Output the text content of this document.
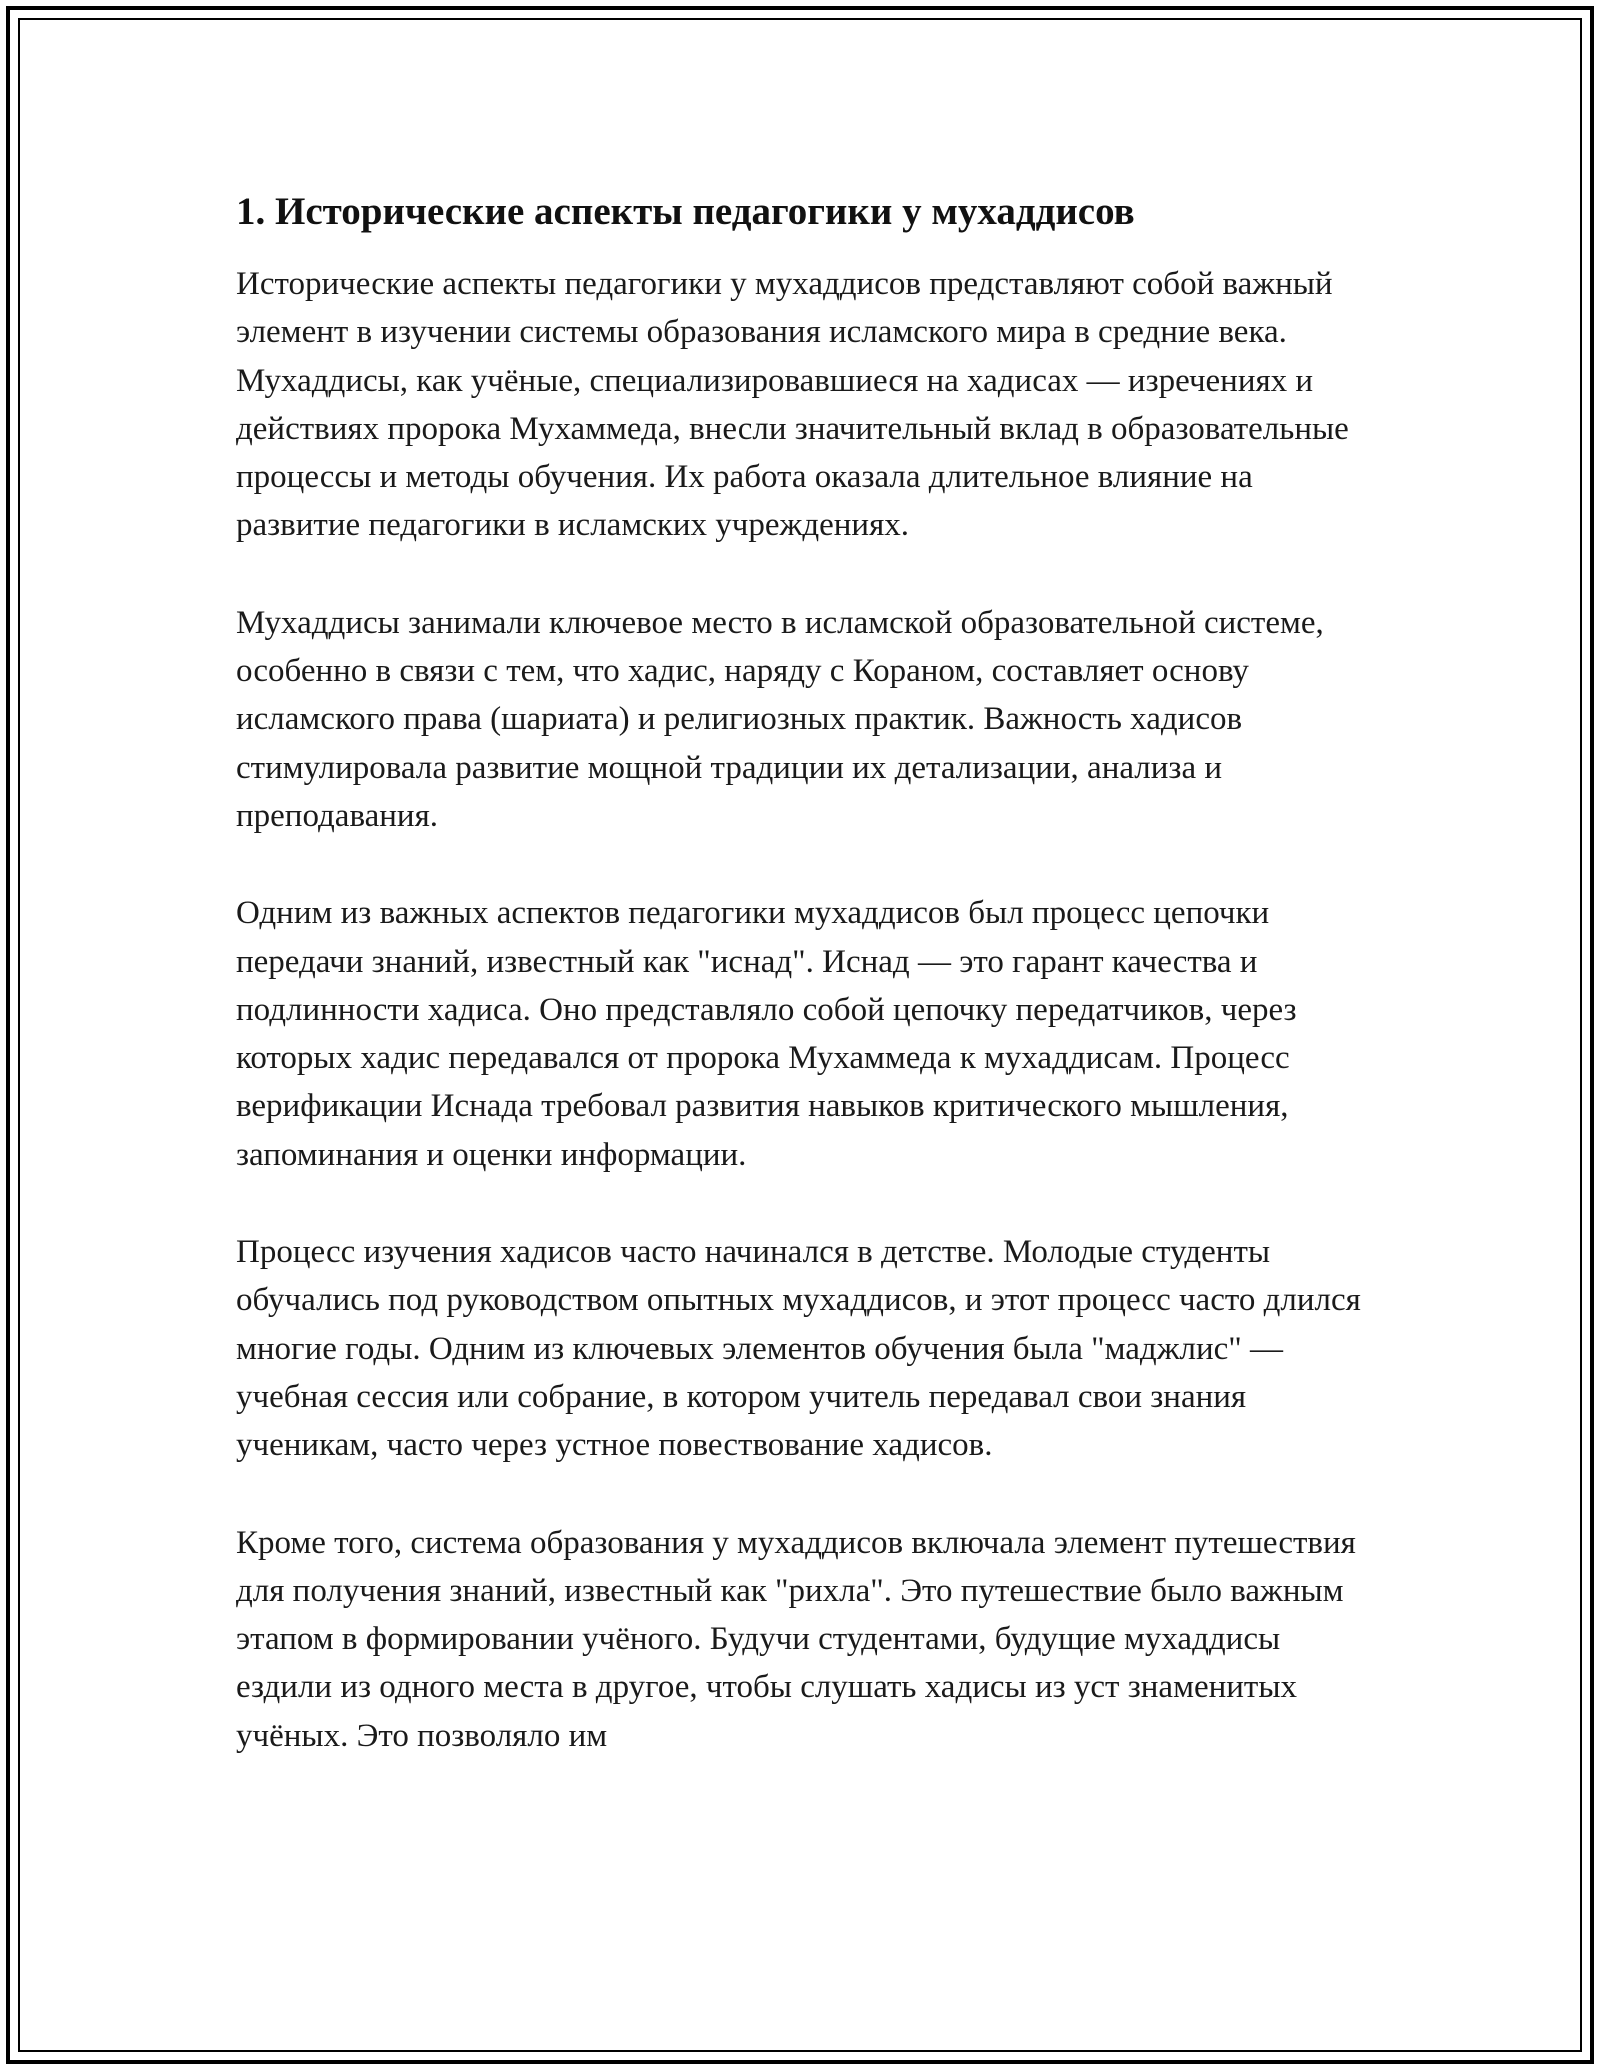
1. Исторические аспекты педагогики у мухаддисов

Исторические аспекты педагогики у мухаддисов представляют собой важный элемент в изучении системы образования исламского мира в средние века. Мухаддисы, как учёные, специализировавшиеся на хадисах — изречениях и действиях пророка Мухаммеда, внесли значительный вклад в образовательные процессы и методы обучения. Их работа оказала длительное влияние на развитие педагогики в исламских учреждениях.

Мухаддисы занимали ключевое место в исламской образовательной системе, особенно в связи с тем, что хадис, наряду с Кораном, составляет основу исламского права (шариата) и религиозных практик. Важность хадисов стимулировала развитие мощной традиции их детализации, анализа и преподавания.

Одним из важных аспектов педагогики мухаддисов был процесс цепочки передачи знаний, известный как "иснад". Иснад — это гарант качества и подлинности хадиса. Оно представляло собой цепочку передатчиков, через которых хадис передавался от пророка Мухаммеда к мухаддисам. Процесс верификации Иснада требовал развития навыков критического мышления, запоминания и оценки информации.

Процесс изучения хадисов часто начинался в детстве. Молодые студенты обучались под руководством опытных мухаддисов, и этот процесс часто длился многие годы. Одним из ключевых элементов обучения была "маджлис" — учебная сессия или собрание, в котором учитель передавал свои знания ученикам, часто через устное повествование хадисов.

Кроме того, система образования у мухаддисов включала элемент путешествия для получения знаний, известный как "рихла". Это путешествие было важным этапом в формировании учёного. Будучи студентами, будущие мухаддисы ездили из одного места в другое, чтобы слушать хадисы из уст знаменитых учёных. Это позволяло им
